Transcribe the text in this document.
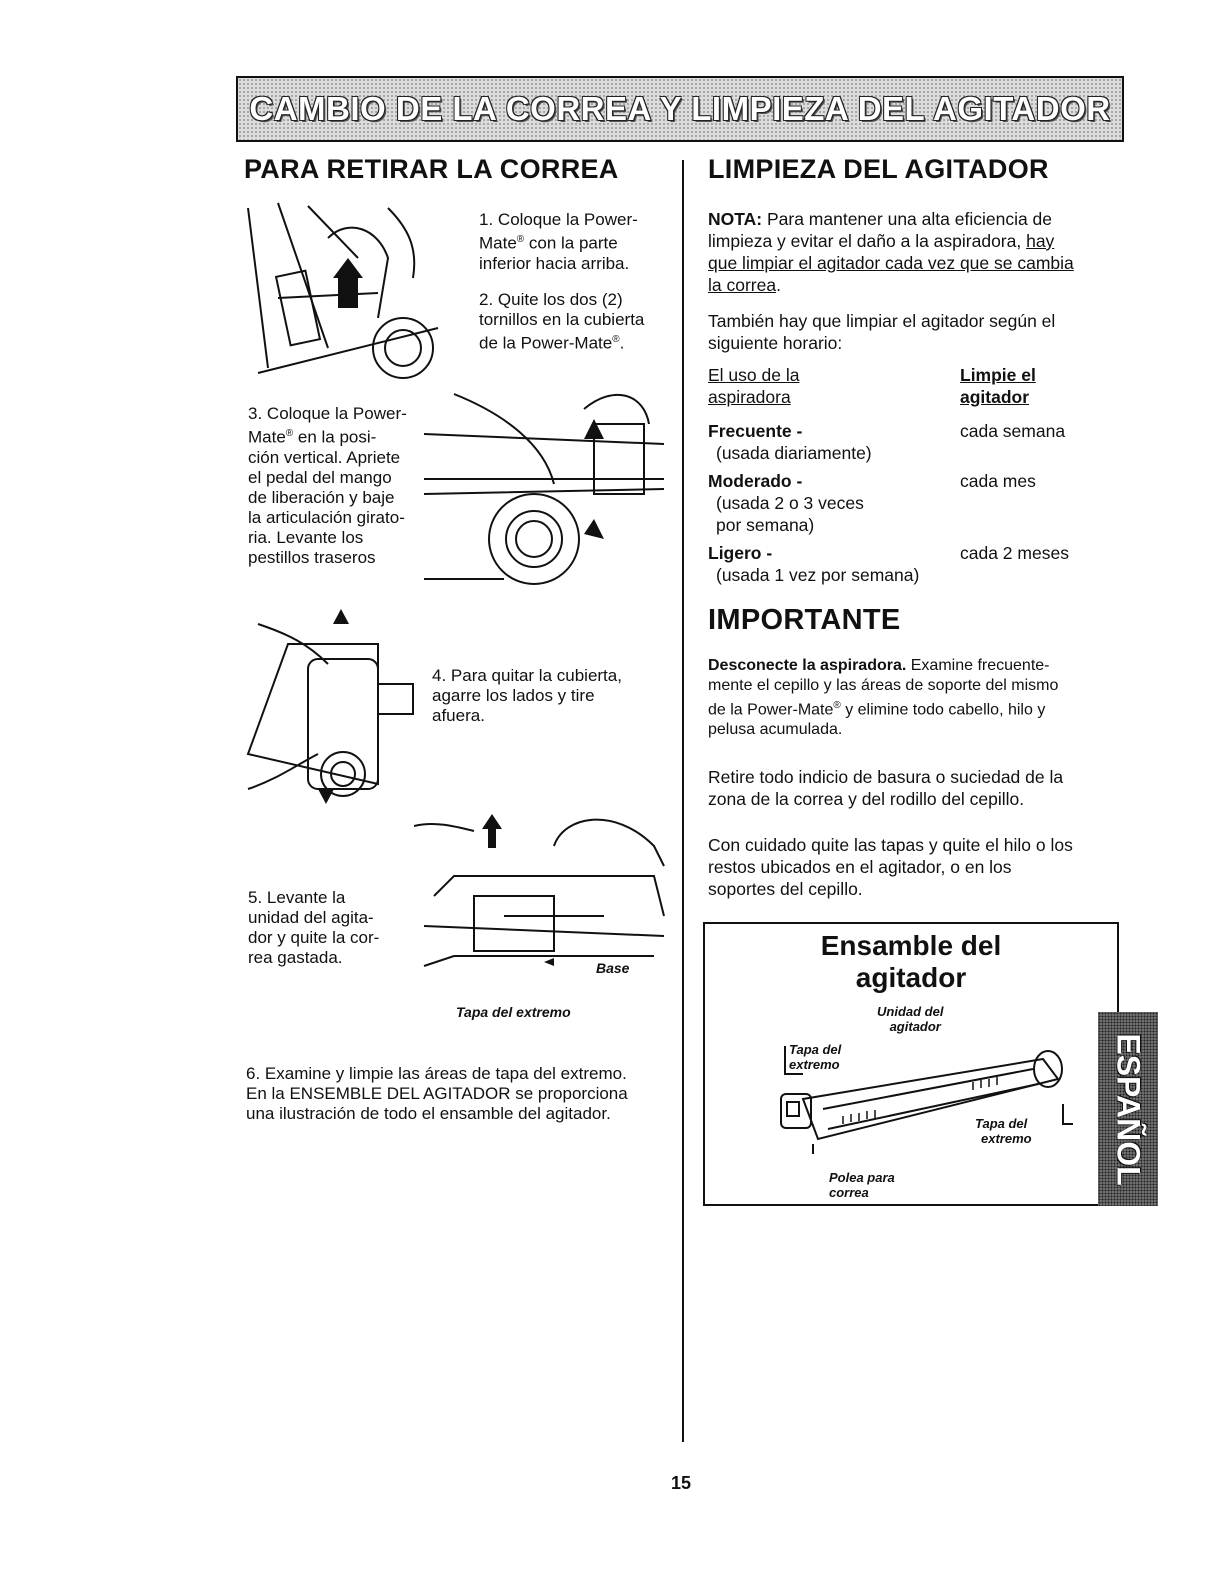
CAMBIO DE LA CORREA Y LIMPIEZA DEL AGITADOR
PARA RETIRAR LA CORREA
1. Coloque la Power-
Mate® con la parte
inferior hacia arriba.
2. Quite los dos (2)
tornillos en la cubierta
de la Power-Mate®.
3. Coloque la Power-
Mate® en la posi-
ción vertical. Apriete
el pedal del mango
de liberación y baje
la articulación girato-
ria. Levante los
pestillos traseros
4. Para quitar la cubierta,
agarre los lados y tire
afuera.
Base
Tapa del extremo
5. Levante la
unidad del agita-
dor y quite la cor-
rea gastada.
6. Examine y limpie las áreas de tapa del extremo.
En la ENSEMBLE DEL AGITADOR se proporciona
una ilustración de todo el ensamble del agitador.
LIMPIEZA DEL AGITADOR
NOTA: Para mantener una alta eficiencia de
limpieza y evitar el daño a la aspiradora, hay
que limpiar el agitador cada vez que se cambia
la correa.
También hay que limpiar el agitador según el
siguiente horario:
El uso de la
aspiradora
Limpie el
agitador
Frecuente -
(usada diariamente)
cada semana
Moderado -
(usada 2 o 3 veces
por semana)
cada mes
Ligero -
(usada 1 vez por semana)
cada 2 meses
IMPORTANTE
Desconecte la aspiradora. Examine frecuente-
mente el cepillo y las áreas de soporte del mismo
de la Power-Mate® y elimine todo cabello, hilo y
pelusa acumulada.
Retire todo indicio de basura o suciedad de la
zona de la correa y del rodillo del cepillo.
Con cuidado quite las tapas y quite el hilo o los
restos ubicados en el agitador, o en los
soportes del cepillo.
Ensamble del
agitador
Unidad del
agitador
Tapa del
extremo
Tapa del
extremo
Polea para
correa
ESPAÑOL
15
